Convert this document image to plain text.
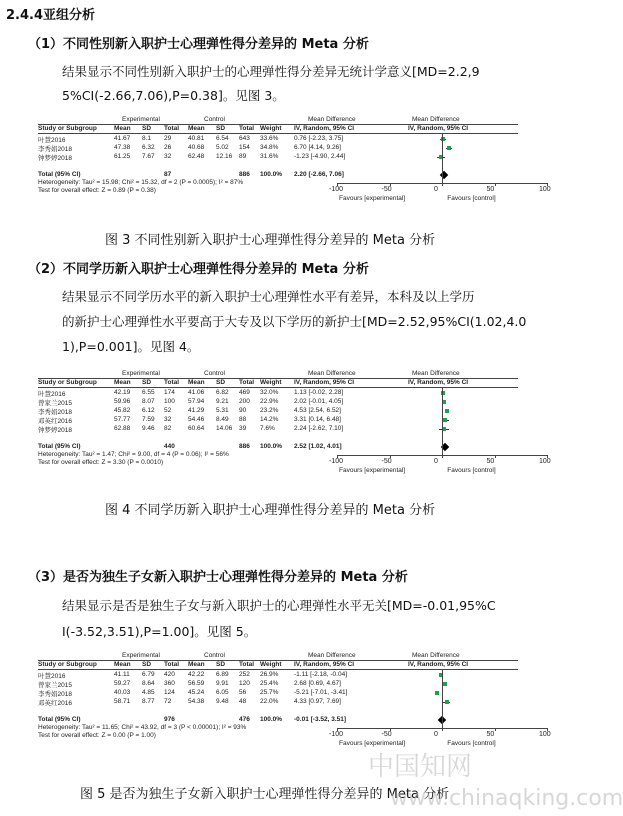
2.4.4亚组分析
（1）不同性别新入职护士心理弹性得分差异的 Meta 分析
结果显示不同性别新入职护士的心理弹性得分差异无统计学意义[MD=2.2,9
5%CI(-2.66,7.06),P=0.38]。见图 3。
Experimental	Control	Mean Difference	Mean Difference
Study or Subgroup	Mean SD Total Mean SD Total Weight IV, Random, 95% CI	IV, Random, 95% CI
叶慧2016	41.67 8.1 29	40.81 6.54 643 33.6% 0.76 [-2.23, 3.75]
李秀娟2018	47.38 6.32 26	40.68 5.02 154 34.8% 6.70 [4.14, 9.26]
钟梦婷2018	61.25 7.67 32	62.48 12.16 89 31.6% -1.23 [-4.90, 2.44]
Total (95% CI)	87	886 100.0% 2.20 [-2.66, 7.06]
Heterogeneity: Tau² = 15.98; Chi² = 15.32, df = 2 (P = 0.0005); I² = 87%
Test for overall effect: Z = 0.89 (P = 0.38)	-100	-50	0	50	100
Favours [experimental]	Favours [control]
图 3 不同性别新入职护士心理弹性得分差异的 Meta 分析
（2）不同学历新入职护士心理弹性得分差异的 Meta 分析
结果显示不同学历水平的新入职护士心理弹性水平有差异，本科及以上学历
的新护士心理弹性水平要高于大专及以下学历的新护士[MD=2.52,95%CI(1.02,4.0
1),P=0.001]。见图 4。
Experimental	Control	Mean Difference	Mean Difference
Study or Subgroup	Mean SD Total Mean SD Total Weight IV, Random, 95% CI	IV, Random, 95% CI
叶慧2016	42.19 6.55 174 41.06 6.82 469 32.0% 1.13 [-0.02, 2.28]
曾家兰2015	59.96 8.07 100 57.94 9.21 200 22.9% 2.02 [-0.01, 4.05]
李秀娟2018	45.82 6.12 52	41.29 5.31 90 23.2% 4.53 [2.54, 6.52]
邓英红2016	57.77 7.59 32	54.46 8.49 88 14.2% 3.31 [0.14, 6.48]
钟梦婷2018	62.88 9.46 82	60.64 14.06 39 7.6%	2.24 [-2.62, 7.10]
Total (95% CI)	440	886 100.0% 2.52 [1.02, 4.01]
Heterogeneity: Tau² = 1.47; Chi² = 9.00, df = 4 (P = 0.06); I² = 56%
Test for overall effect: Z = 3.30 (P = 0.0010)	-100	-50	0	50	100
Favours [experimental]	Favours [control]
图 4 不同学历新入职护士心理弹性得分差异的 Meta 分析
（3）是否为独生子女新入职护士心理弹性得分差异的 Meta 分析
结果显示是否是独生子女与新入职护士的心理弹性水平无关[MD=-0.01,95%C
I(-3.52,3.51),P=1.00]。见图 5。
Experimental	Control	Mean Difference	Mean Difference
Study or Subgroup	Mean SD Total Mean SD Total Weight IV, Random, 95% CI	IV, Random, 95% CI
叶慧2016	41.11 6.79 420 42.22 6.89 252 26.9% -1.11 [-2.18, -0.04]
曾家兰2015	59.27 8.64 360 56.59 9.91 120 25.4% 2.68 [0.69, 4.67]
李秀娟2018	40.03 4.85 124 45.24 6.05 56 25.7% -5.21 [-7.01, -3.41]
邓英红2016	58.71 8.77 72	54.38 9.48 48 22.0% 4.33 [0.97, 7.69]
Total (95% CI)	976	476 100.0% -0.01 [-3.52, 3.51]
Heterogeneity: Tau² = 11.65; Chi² = 43.92, df = 3 (P < 0.00001); I² = 93%
Test for overall effect: Z = 0.00 (P = 1.00)	-100	-50	0	50	100
Favours [experimental]	Favours [control]
图 5 是否为独生子女新入职护士心理弹性得分差异的 Meta 分析
中国知网
www.chinaqking.com
